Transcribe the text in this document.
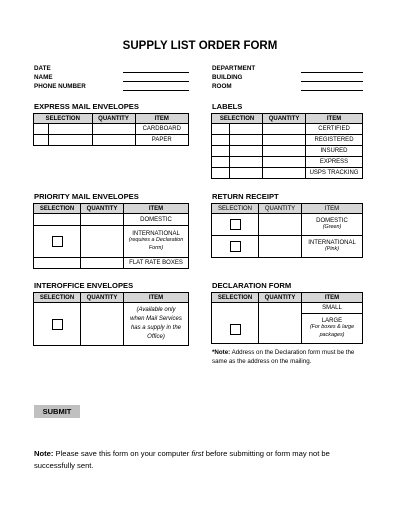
SUPPLY LIST ORDER FORM
DATE
NAME
PHONE NUMBER
DEPARTMENT
BUILDING
ROOM
EXPRESS MAIL ENVELOPES
SELECTION		QUANTITY	ITEM
			CARDBOARD
			PAPER
LABELS
SELECTION		QUANTITY	ITEM
			CERTIFIED
			REGISTERED
			INSURED
			EXPRESS
			USPS TRACKING
PRIORITY MAIL ENVELOPES
SELECTION	QUANTITY	ITEM
		DOMESTIC

		INTERNATIONAL
(requires a Declaration Form)

		FLAT RATE BOXES
RETURN RECEIPT
SELECTION	QUANTITY	ITEM

		DOMESTIC
(Green)

		INTERNATIONAL
(Pink)
INTEROFFICE ENVELOPES
SELECTION	QUANTITY	ITEM

		(Available only when Mail Services has a supply in the Office)
DECLARATION FORM
SELECTION	QUANTITY	ITEM

		SMALL

		LARGE
(For boxes & large packages)
*Note: Address on the Declaration form must be the same as the address on the mailing.
SUBMIT
Note: Please save this form on your computer first before submitting or form may not be successfully sent.
